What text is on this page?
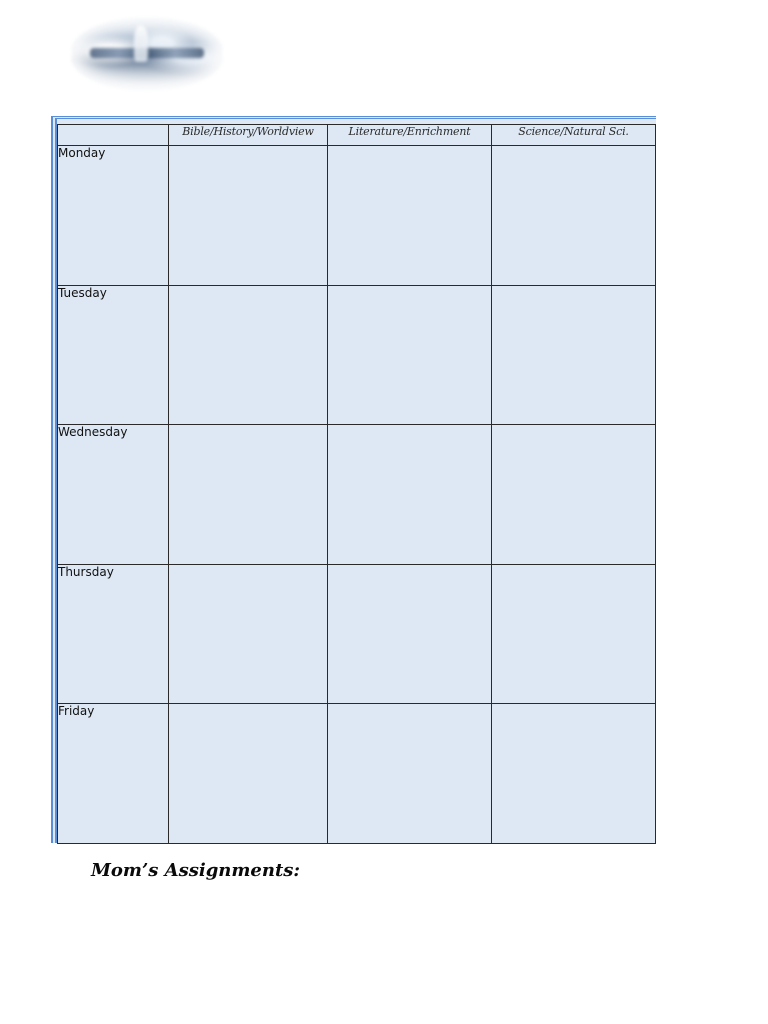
	Bible/History/Worldview	Literature/Enrichment	Science/Natural Sci.
Monday			
Tuesday			
Wednesday			
Thursday			
Friday			
Mom’s Assignments:
